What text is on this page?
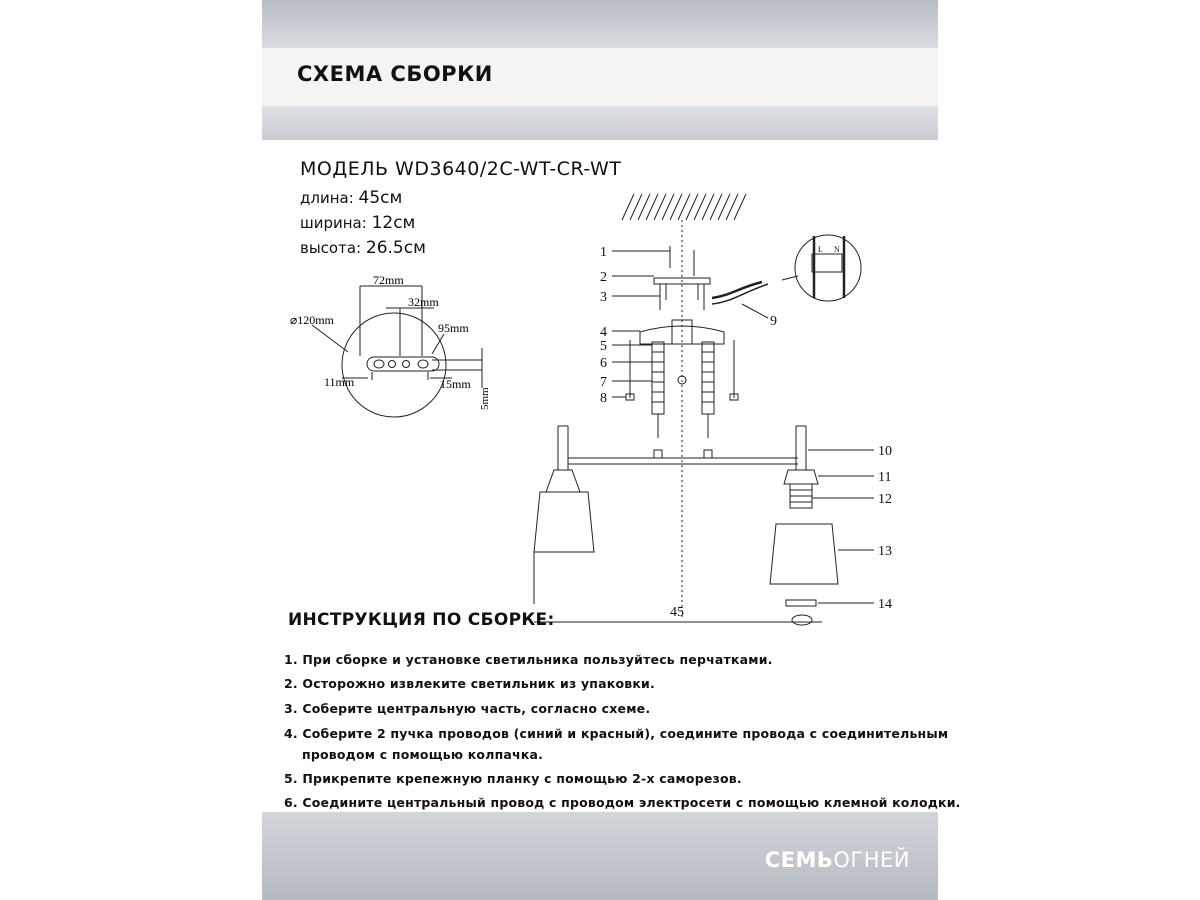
СХЕМА СБОРКИ
МОДЕЛЬ WD3640/2C-WT-CR-WT
длина: 45см
ширина: 12см
высота: 26.5см
⌀120mm
72mm
32mm
95mm
11mm	15mm
5mm
1
2
3
4
5
6
7
8
9
10
11
12
13
14
45
L N
ИНСТРУКЦИЯ ПО СБОРКЕ:
1. При сборке и установке светильника пользуйтесь перчатками.
2. Осторожно извлеките светильник из упаковки.
3. Соберите центральную часть, согласно схеме.
4. Соберите 2 пучка проводов (синий и красный), соедините провода с соединительным
проводом с помощью колпачка.
5. Прикрепите крепежную планку с помощью 2-х саморезов.
6. Соедините центральный провод с проводом электросети с помощью клемной колодки.
СЕМЬОГНЕЙ
